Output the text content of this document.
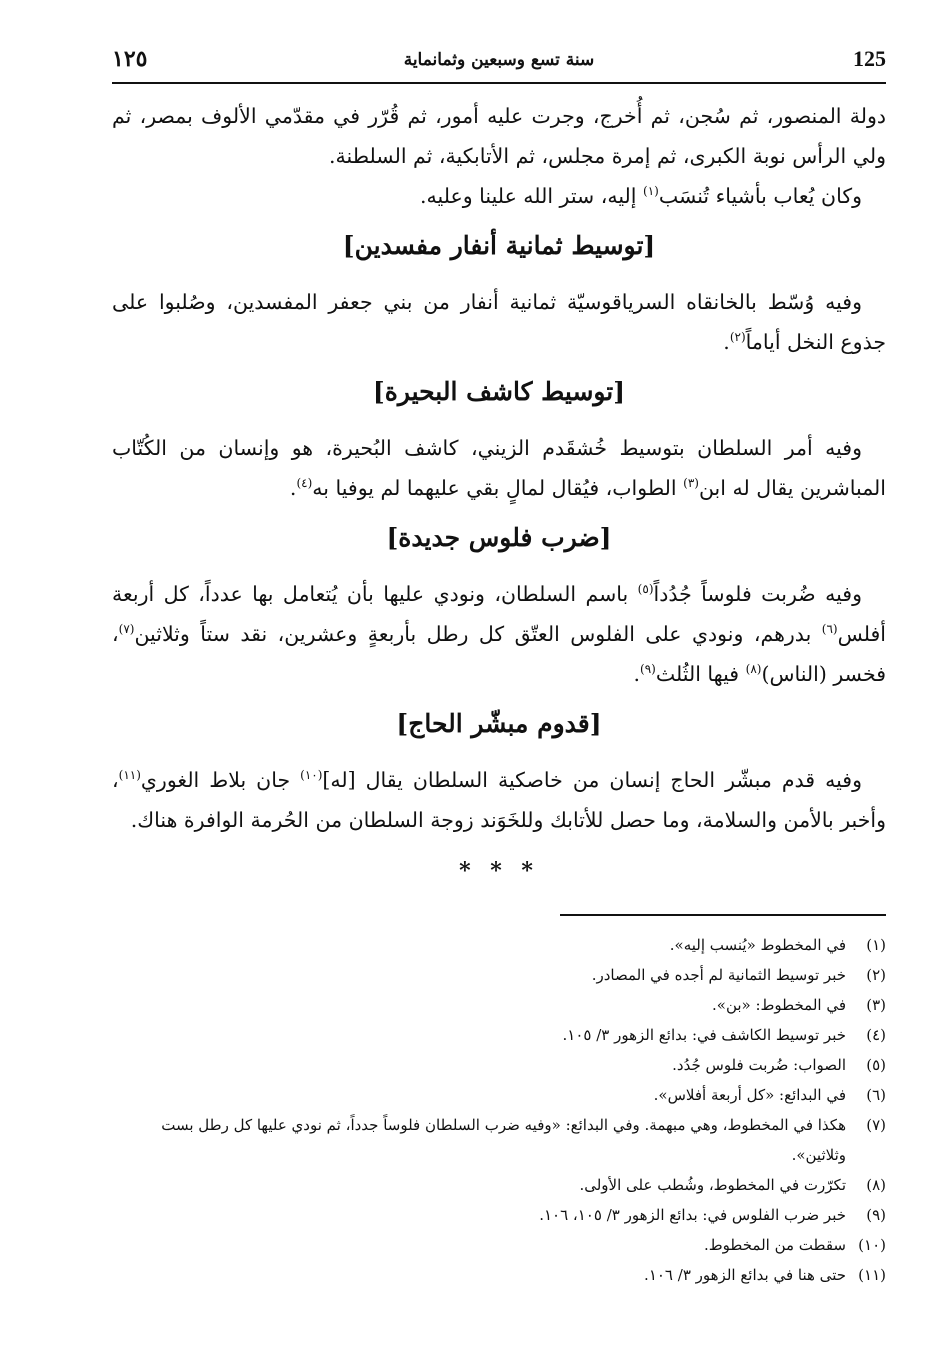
125
سنة تسع وسبعين وثمانماية
١٢٥

دولة المنصور، ثم سُجن، ثم أُخرج، وجرت عليه أمور، ثم قُرّر في مقدّمي الألوف بمصر، ثم ولي الرأس نوبة الكبرى، ثم إمرة مجلس، ثم الأتابكية، ثم السلطنة.

وكان يُعاب بأشياء تُنسَب$^{(١)}$ إليه، ستر الله علينا وعليه.

[توسيط ثمانية أنفار مفسدين]

وفيه وُسّط بالخانقاه السرياقوسيّة ثمانية أنفار من بني جعفر المفسدين، وصُلبوا على جذوع النخل أياماً$^{(٢)}$.

[توسيط كاشف البحيرة]

وفيه أمر السلطان بتوسيط خُشقَدم الزيني، كاشف البُحيرة، هو وإنسان من الكُتّاب المباشرين يقال له ابن$^{(٣)}$ الطواب، فيُقال لمالٍ بقي عليهما لم يوفيا به$^{(٤)}$.

[ضرب فلوس جديدة]

وفيه ضُربت فلوساً جُدُداً$^{(٥)}$ باسم السلطان، ونودي عليها بأن يُتعامل بها عدداً، كل أربعة أفلس$^{(٦)}$ بدرهم، ونودي على الفلوس العتّق كل رطل بأربعةٍ وعشرين، نقد ستاً وثلاثين$^{(٧)}$، فخسر (الناس)$^{(٨)}$ فيها الثُلث$^{(٩)}$.

[قدوم مبشّر الحاج]

وفيه قدم مبشّر الحاج إنسان من خاصكية السلطان يقال [له]$^{(١٠)}$ جان بلاط الغوري$^{(١١)}$، وأخبر بالأمن والسلامة، وما حصل للأتابك وللخَوَند زوجة السلطان من الحُرمة الوافرة هناك.

* * *
(١)
في المخطوط «يُنسب إليه».
(٢)
خبر توسيط الثمانية لم أجده في المصادر.
(٣)
في المخطوط: «بن».
(٤)
خبر توسيط الكاشف في: بدائع الزهور ٣/ ١٠٥.
(٥)
الصواب: ضُربت فلوس جُدُد.
(٦)
في البدائع: «كل أربعة أفلاس».
(٧)
هكذا في المخطوط، وهي مبهمة. وفي البدائع: «وفيه ضرب السلطان فلوساً جدداً، ثم نودي عليها كل رطل بست وثلاثين».
(٨)
تكرّرت في المخطوط، وشُطب على الأولى.
(٩)
خبر ضرب الفلوس في: بدائع الزهور ٣/ ١٠٥، ١٠٦.
(١٠)
سقطت من المخطوط.
(١١)
حتى هنا في بدائع الزهور ٣/ ١٠٦.
